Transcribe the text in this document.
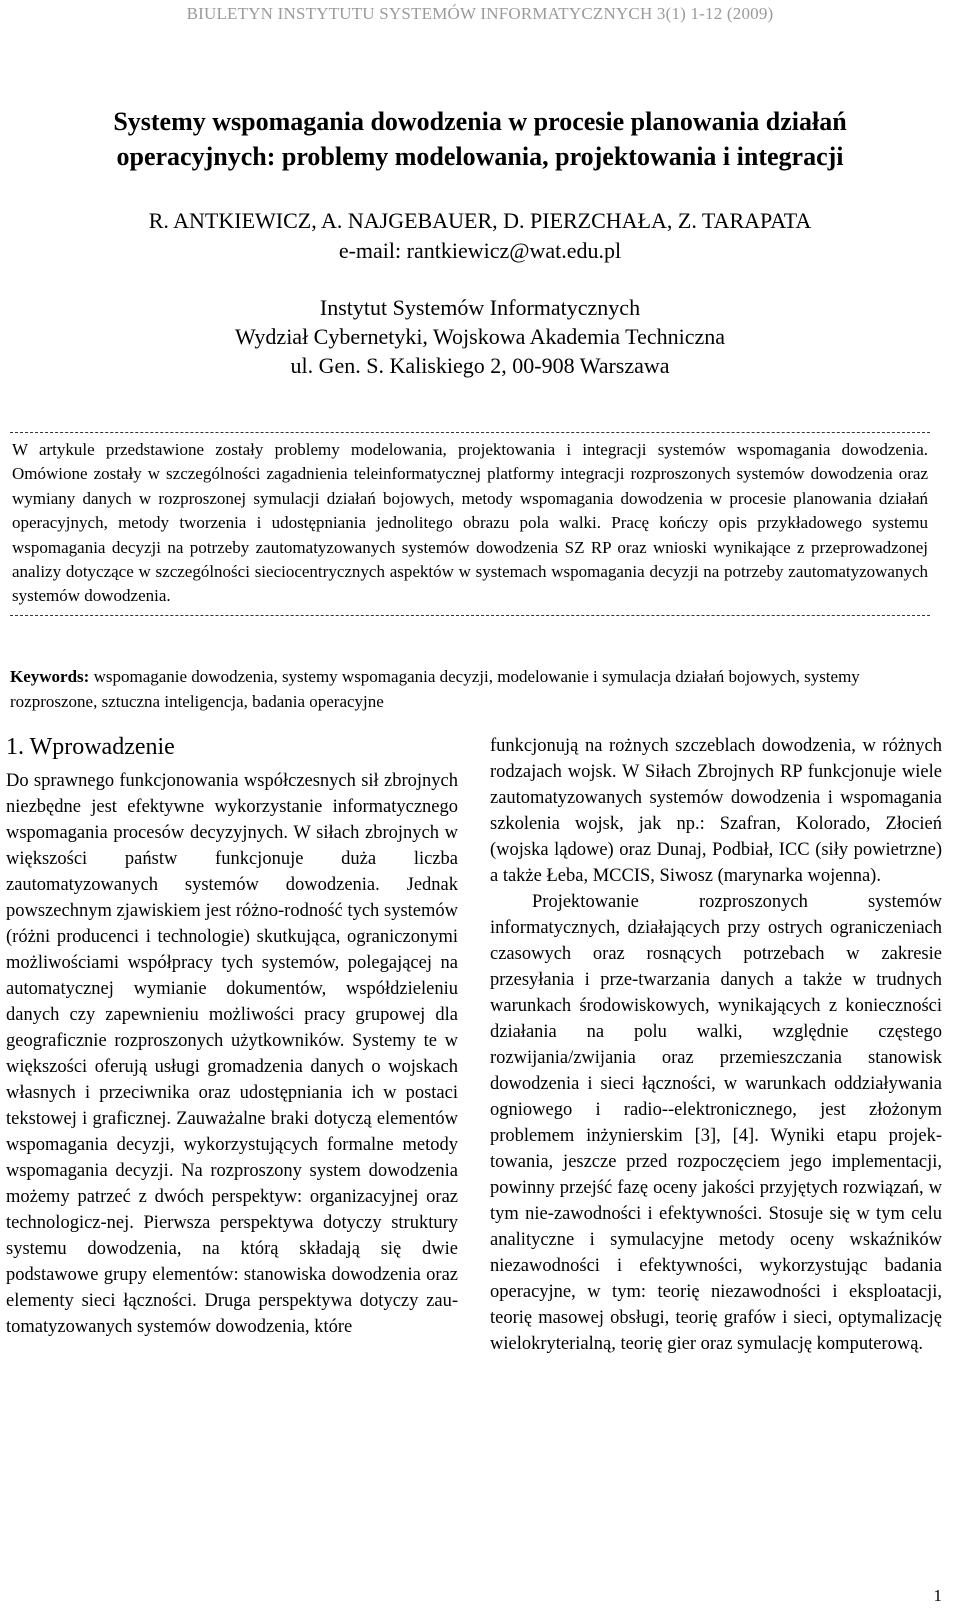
BIULETYN INSTYTUTU SYSTEMÓW INFORMATYCZNYCH 3(1) 1-12 (2009)
Systemy wspomagania dowodzenia w procesie planowania działań
operacyjnych: problemy modelowania, projektowania i integracji
R. ANTKIEWICZ, A. NAJGEBAUER, D. PIERZCHAŁA, Z. TARAPATA
e-mail: rantkiewicz@wat.edu.pl
Instytut Systemów Informatycznych
Wydział Cybernetyki, Wojskowa Akademia Techniczna
ul. Gen. S. Kaliskiego 2, 00-908 Warszawa

W artykule przedstawione zostały problemy modelowania, projektowania i integracji systemów wspomagania dowodzenia. Omówione zostały w szczególności zagadnienia teleinformatycznej platformy integracji rozproszonych systemów dowodzenia oraz wymiany danych w rozproszonej symulacji działań bojowych, metody wspomagania dowodzenia w procesie planowania działań operacyjnych, metody tworzenia i udostępniania jednolitego obrazu pola walki. Pracę kończy opis przykładowego systemu wspomagania decyzji na potrzeby zautomatyzowanych systemów dowodzenia SZ RP oraz wnioski wynikające z przeprowadzonej analizy dotyczące w szczególności sieciocentrycznych aspektów w systemach wspomagania decyzji na potrzeby zautomatyzowanych systemów dowodzenia.

Keywords: wspomaganie dowodzenia, systemy wspomagania decyzji, modelowanie i symulacja działań bojowych, systemy rozproszone, sztuczna inteligencja, badania operacyjne
1. Wprowadzenie

Do sprawnego funkcjonowania współczesnych sił zbrojnych niezbędne jest efektywne wykorzystanie informatycznego wspomagania procesów decyzyjnych. W siłach zbrojnych w większości państw funkcjonuje duża liczba zautomatyzowanych systemów dowodzenia. Jednak powszechnym zjawiskiem jest różno-rodność tych systemów (różni producenci i technologie) skutkująca, ograniczonymi możliwościami współpracy tych systemów, polegającej na automatycznej wymianie dokumentów, współdzieleniu danych czy zapewnieniu możliwości pracy grupowej dla geograficznie rozproszonych użytkowników. Systemy te w większości oferują usługi gromadzenia danych o wojskach własnych i przeciwnika oraz udostępniania ich w postaci tekstowej i graficznej. Zauważalne braki dotyczą elementów wspomagania decyzji, wykorzystujących formalne metody wspomagania decyzji. Na rozproszony system dowodzenia możemy patrzeć z dwóch perspektyw: organizacyjnej oraz technologicz-nej. Pierwsza perspektywa dotyczy struktury systemu dowodzenia, na którą składają się dwie podstawowe grupy elementów: stanowiska dowodzenia oraz elementy sieci łączności. Druga perspektywa dotyczy zau-tomatyzowanych systemów dowodzenia, które

funkcjonują na rożnych szczeblach dowodzenia, w różnych rodzajach wojsk. W Siłach Zbrojnych RP funkcjonuje wiele zautomatyzowanych systemów dowodzenia i wspomagania szkolenia wojsk, jak np.: Szafran, Kolorado, Złocień (wojska lądowe) oraz Dunaj, Podbiał, ICC (siły powietrzne) a także Łeba, MCCIS, Siwosz (marynarka wojenna).

Projektowanie rozproszonych systemów informatycznych, działających przy ostrych ograniczeniach czasowych oraz rosnących potrzebach w zakresie przesyłania i prze-twarzania danych a także w trudnych warunkach środowiskowych, wynikających z konieczności działania na polu walki, względnie częstego rozwijania/zwijania oraz przemieszczania stanowisk dowodzenia i sieci łączności, w warunkach oddziaływania ogniowego i radio--elektronicznego, jest złożonym problemem inżynierskim [3], [4]. Wyniki etapu projek-towania, jeszcze przed rozpoczęciem jego implementacji, powinny przejść fazę oceny jakości przyjętych rozwiązań, w tym nie-zawodności i efektywności. Stosuje się w tym celu analityczne i symulacyjne metody oceny wskaźników niezawodności i efektywności, wykorzystując badania operacyjne, w tym: teorię niezawodności i eksploatacji, teorię masowej obsługi, teorię grafów i sieci, optymalizację wielokryterialną, teorię gier oraz symulację komputerową.

1
